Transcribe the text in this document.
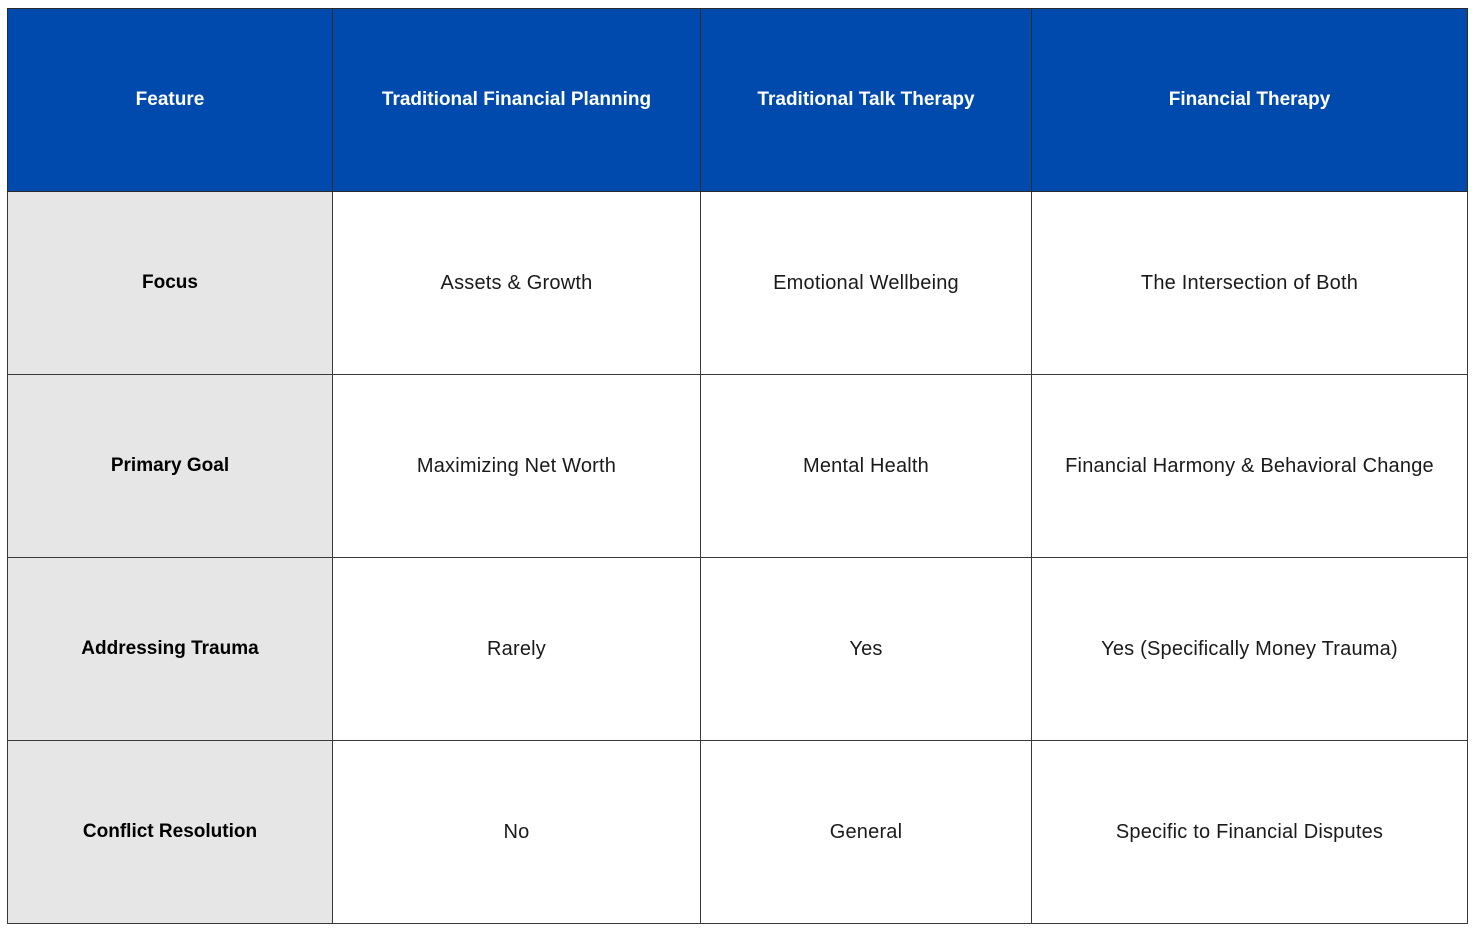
Feature	Traditional Financial Planning	Traditional Talk Therapy	Financial Therapy
Focus	Assets & Growth	Emotional Wellbeing	The Intersection of Both
Primary Goal	Maximizing Net Worth	Mental Health	Financial Harmony & Behavioral Change
Addressing Trauma	Rarely	Yes	Yes (Specifically Money Trauma)
Conflict Resolution	No	General	Specific to Financial Disputes
